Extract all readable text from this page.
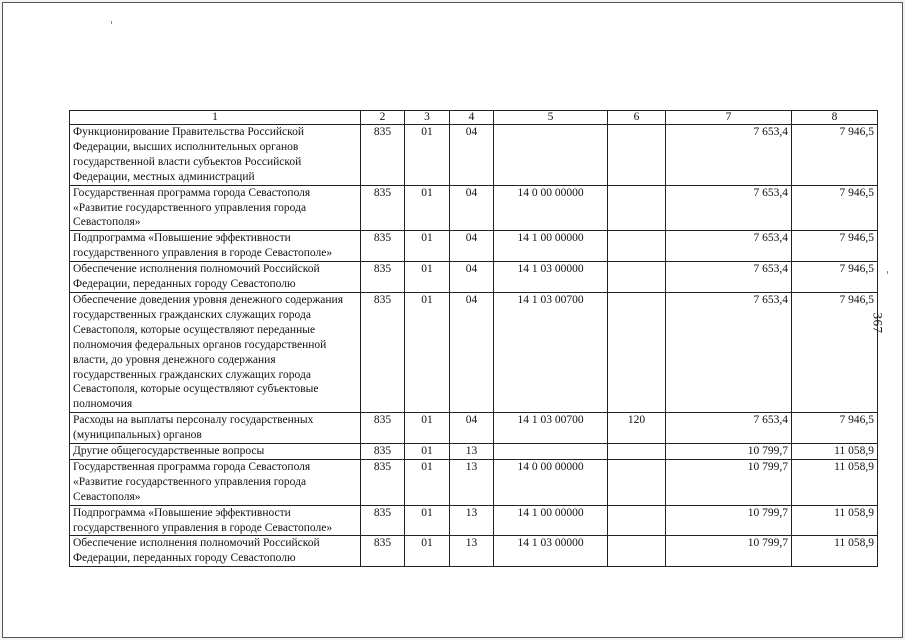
1	2	3	4	5	6	7	8
Функционирование Правительства Российской Федерации, высших исполнительных органов государственной власти субъектов Российской Федерации, местных администраций	835	01	04			7 653,4	7 946,5
Государственная программа города Севастополя «Развитие государственного управления города Севастополя»	835	01	04	14 0 00 00000		7 653,4	7 946,5
Подпрограмма «Повышение эффективности государственного управления в городе Севастополе»	835	01	04	14 1 00 00000		7 653,4	7 946,5
Обеспечение исполнения полномочий Российской Федерации, переданных городу Севастополю	835	01	04	14 1 03 00000		7 653,4	7 946,5
Обеспечение доведения уровня денежного содержания государственных гражданских служащих города Севастополя, которые осуществляют переданные полномочия федеральных органов государственной власти, до уровня денежного содержания государственных гражданских служащих города Севастополя, которые осуществляют субъектовые полномочия	835	01	04	14 1 03 00700		7 653,4	7 946,5
Расходы на выплаты персоналу государственных (муниципальных) органов	835	01	04	14 1 03 00700	120	7 653,4	7 946,5
Другие общегосударственные вопросы	835	01	13			10 799,7	11 058,9
Государственная программа города Севастополя «Развитие государственного управления города Севастополя»	835	01	13	14 0 00 00000		10 799,7	11 058,9
Подпрограмма «Повышение эффективности государственного управления в городе Севастополе»	835	01	13	14 1 00 00000		10 799,7	11 058,9
Обеспечение исполнения полномочий Российской Федерации, переданных городу Севастополю	835	01	13	14 1 03 00000		10 799,7	11 058,9
367
